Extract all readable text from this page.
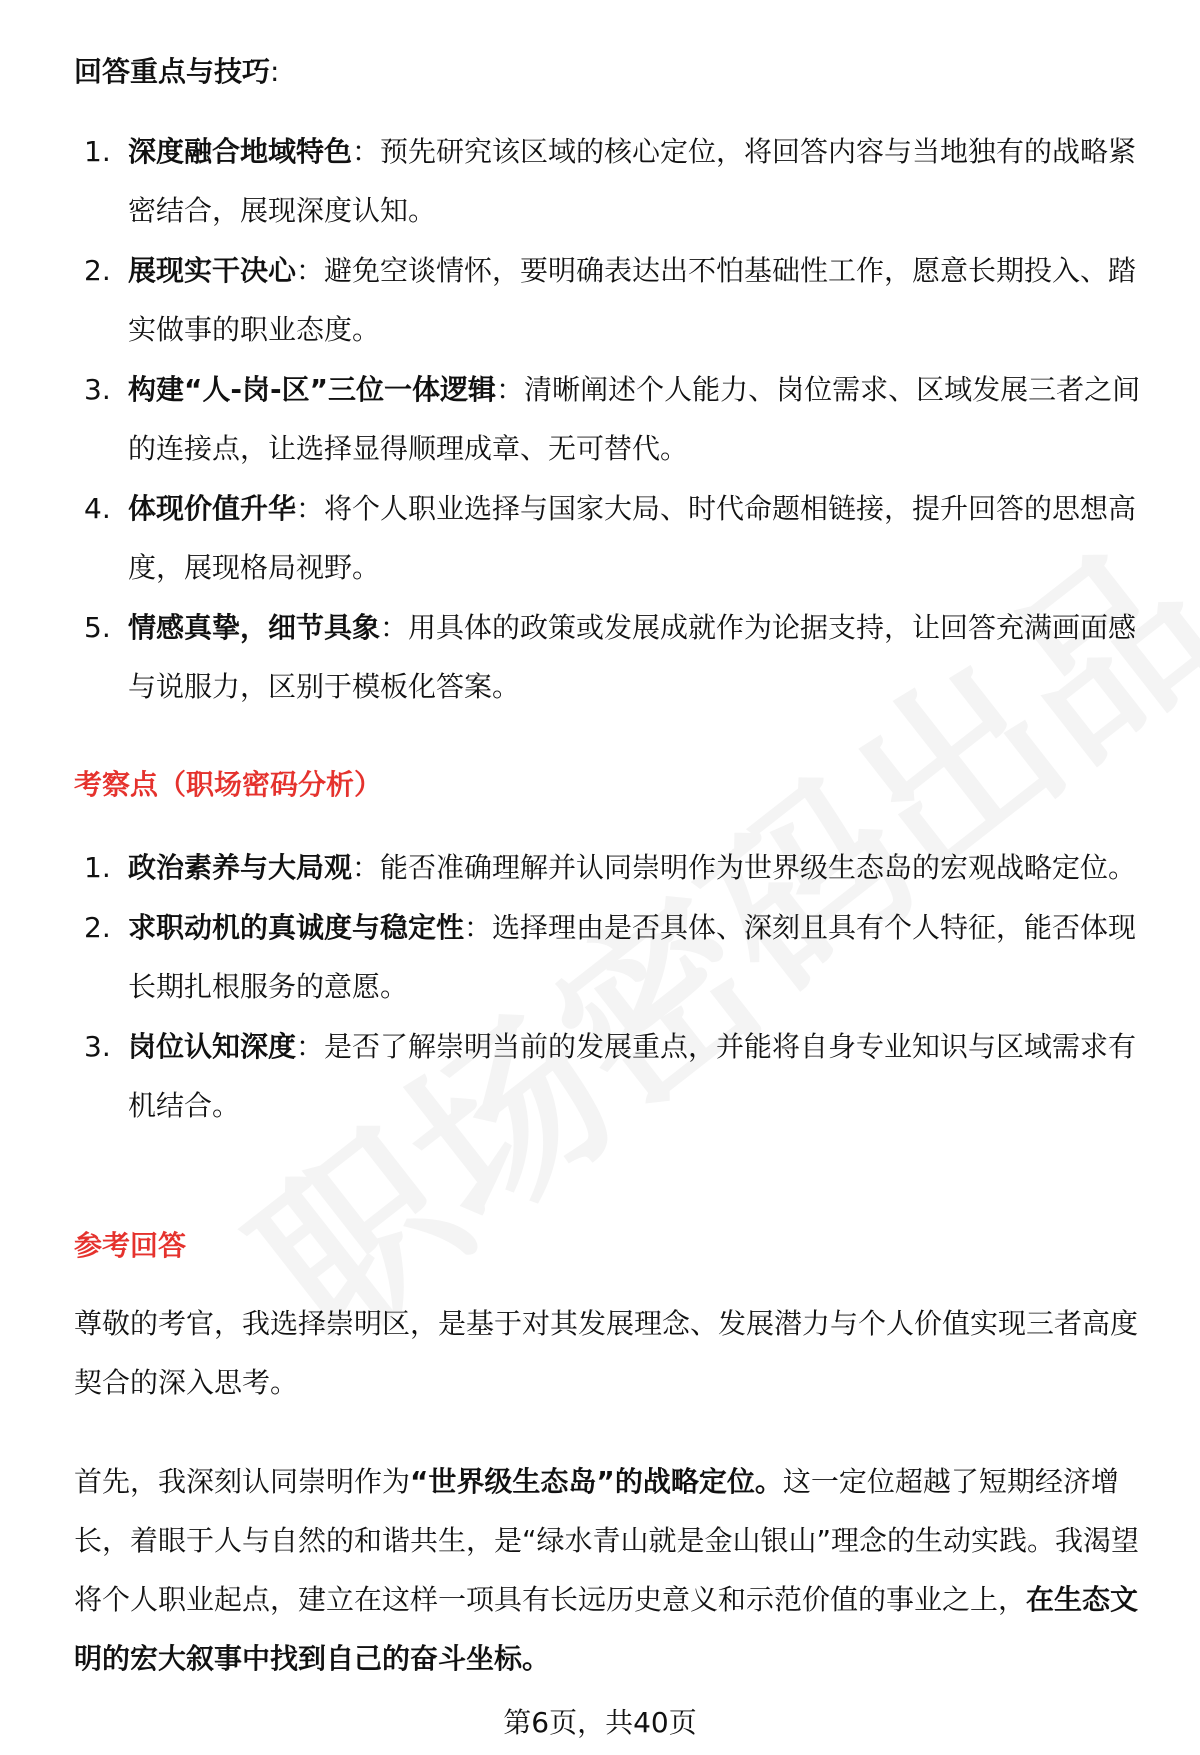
回答重点与技巧:
1. 深度融合地域特色：预先研究该区域的核心定位，将回答内容与当地独有的战略紧密结合，展现深度认知。
2. 展现实干决心：避免空谈情怀，要明确表达出不怕基础性工作，愿意长期投入、踏实做事的职业态度。
3. 构建“人-岗-区”三位一体逻辑：清晰阐述个人能力、岗位需求、区域发展三者之间的连接点，让选择显得顺理成章、无可替代。
4. 体现价值升华：将个人职业选择与国家大局、时代命题相链接，提升回答的思想高度，展现格局视野。
5. 情感真挚，细节具象：用具体的政策或发展成就作为论据支持，让回答充满画面感与说服力，区别于模板化答案。
考察点（职场密码分析）
1. 政治素养与大局观：能否准确理解并认同崇明作为世界级生态岛的宏观战略定位。
2. 求职动机的真诚度与稳定性：选择理由是否具体、深刻且具有个人特征，能否体现长期扎根服务的意愿。
3. 岗位认知深度：是否了解崇明当前的发展重点，并能将自身专业知识与区域需求有机结合。
参考回答

尊敬的考官，我选择崇明区，是基于对其发展理念、发展潜力与个人价值实现三者高度契合的深入思考。

首先，我深刻认同崇明作为“世界级生态岛”的战略定位。这一定位超越了短期经济增长，着眼于人与自然的和谐共生，是“绿水青山就是金山银山”理念的生动实践。我渴望将个人职业起点，建立在这样一项具有长远历史意义和示范价值的事业之上，在生态文明的宏大叙事中找到自己的奋斗坐标。

第6页，共40页
